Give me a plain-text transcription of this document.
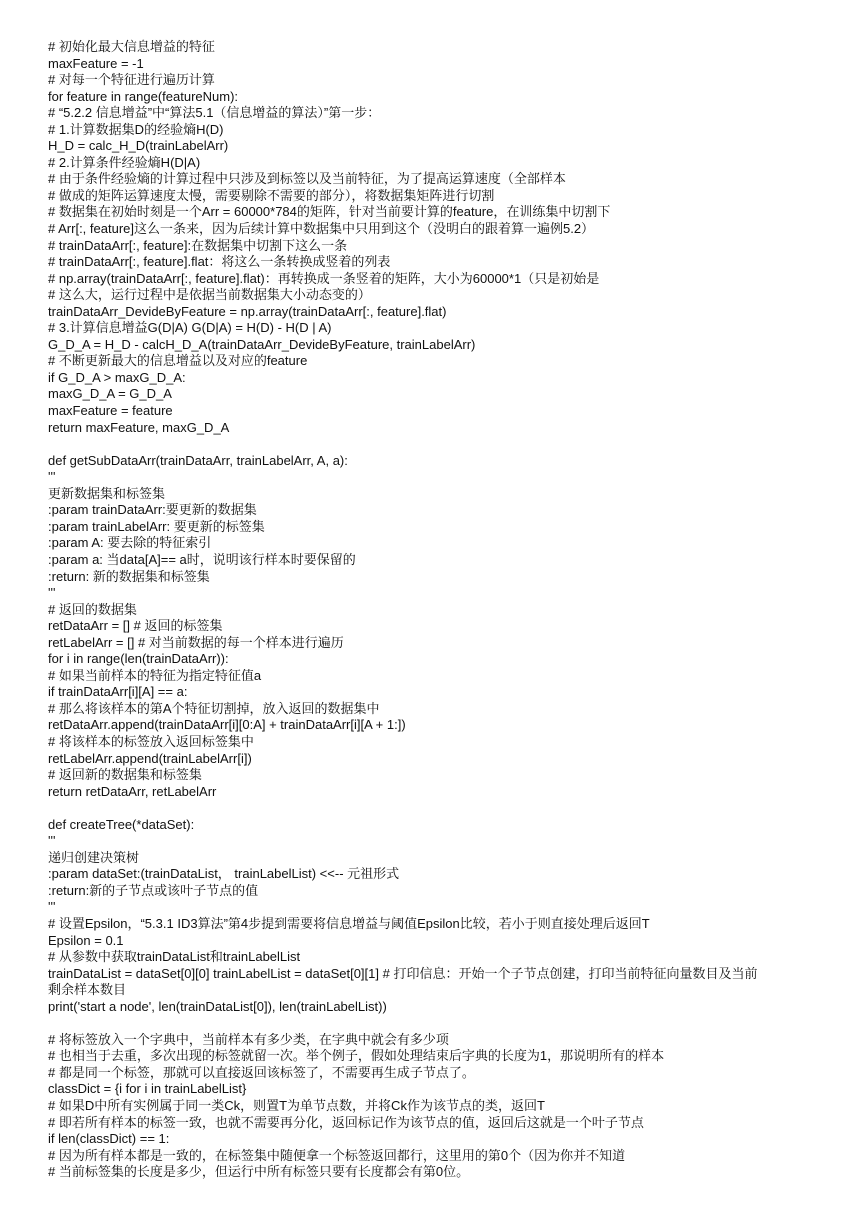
# 初始化最大信息增益的特征
maxFeature = -1
# 对每一个特征进行遍历计算
for feature in range(featureNum):
# “5.2.2 信息增益”中“算法5.1（信息增益的算法）”第一步：
# 1.计算数据集D的经验熵H(D)
H_D = calc_H_D(trainLabelArr)
# 2.计算条件经验熵H(D|A)
# 由于条件经验熵的计算过程中只涉及到标签以及当前特征，为了提高运算速度（全部样本
# 做成的矩阵运算速度太慢，需要剔除不需要的部分），将数据集矩阵进行切割
# 数据集在初始时刻是一个Arr = 60000*784的矩阵，针对当前要计算的feature，在训练集中切割下
# Arr[:, feature]这么一条来，因为后续计算中数据集中只用到这个（没明白的跟着算一遍例5.2）
# trainDataArr[:, feature]:在数据集中切割下这么一条
# trainDataArr[:, feature].flat：将这么一条转换成竖着的列表
# np.array(trainDataArr[:, feature].flat)：再转换成一条竖着的矩阵，大小为60000*1（只是初始是
# 这么大，运行过程中是依据当前数据集大小动态变的）
trainDataArr_DevideByFeature = np.array(trainDataArr[:, feature].flat)
# 3.计算信息增益G(D|A) G(D|A) = H(D) - H(D | A)
G_D_A = H_D - calcH_D_A(trainDataArr_DevideByFeature, trainLabelArr)
# 不断更新最大的信息增益以及对应的feature
if G_D_A > maxG_D_A:
maxG_D_A = G_D_A
maxFeature = feature
return maxFeature, maxG_D_A
def getSubDataArr(trainDataArr, trainLabelArr, A, a):
'''
更新数据集和标签集
:param trainDataArr:要更新的数据集
:param trainLabelArr: 要更新的标签集
:param A: 要去除的特征索引
:param a: 当data[A]== a时，说明该行样本时要保留的
:return: 新的数据集和标签集
'''
# 返回的数据集
retDataArr = [] # 返回的标签集
retLabelArr = [] # 对当前数据的每一个样本进行遍历
for i in range(len(trainDataArr)):
# 如果当前样本的特征为指定特征值a
if trainDataArr[i][A] == a:
# 那么将该样本的第A个特征切割掉，放入返回的数据集中
retDataArr.append(trainDataArr[i][0:A] + trainDataArr[i][A + 1:])
# 将该样本的标签放入返回标签集中
retLabelArr.append(trainLabelArr[i])
# 返回新的数据集和标签集
return retDataArr, retLabelArr
def createTree(*dataSet):
'''
递归创建决策树
:param dataSet:(trainDataList， trainLabelList) <<-- 元祖形式
:return:新的子节点或该叶子节点的值
'''
# 设置Epsilon，“5.3.1 ID3算法”第4步提到需要将信息增益与阈值Epsilon比较，若小于则直接处理后返回T
Epsilon = 0.1
# 从参数中获取trainDataList和trainLabelList
trainDataList = dataSet[0][0] trainLabelList = dataSet[0][1] # 打印信息：开始一个子节点创建，打印当前特征向量数目及当前
剩余样本数目
print('start a node', len(trainDataList[0]), len(trainLabelList))
# 将标签放入一个字典中，当前样本有多少类，在字典中就会有多少项
# 也相当于去重，多次出现的标签就留一次。举个例子，假如处理结束后字典的长度为1，那说明所有的样本
# 都是同一个标签，那就可以直接返回该标签了，不需要再生成子节点了。
classDict = {i for i in trainLabelList}
# 如果D中所有实例属于同一类Ck，则置T为单节点数，并将Ck作为该节点的类，返回T
# 即若所有样本的标签一致，也就不需要再分化，返回标记作为该节点的值，返回后这就是一个叶子节点
if len(classDict) == 1:
# 因为所有样本都是一致的，在标签集中随便拿一个标签返回都行，这里用的第0个（因为你并不知道
# 当前标签集的长度是多少，但运行中所有标签只要有长度都会有第0位。
